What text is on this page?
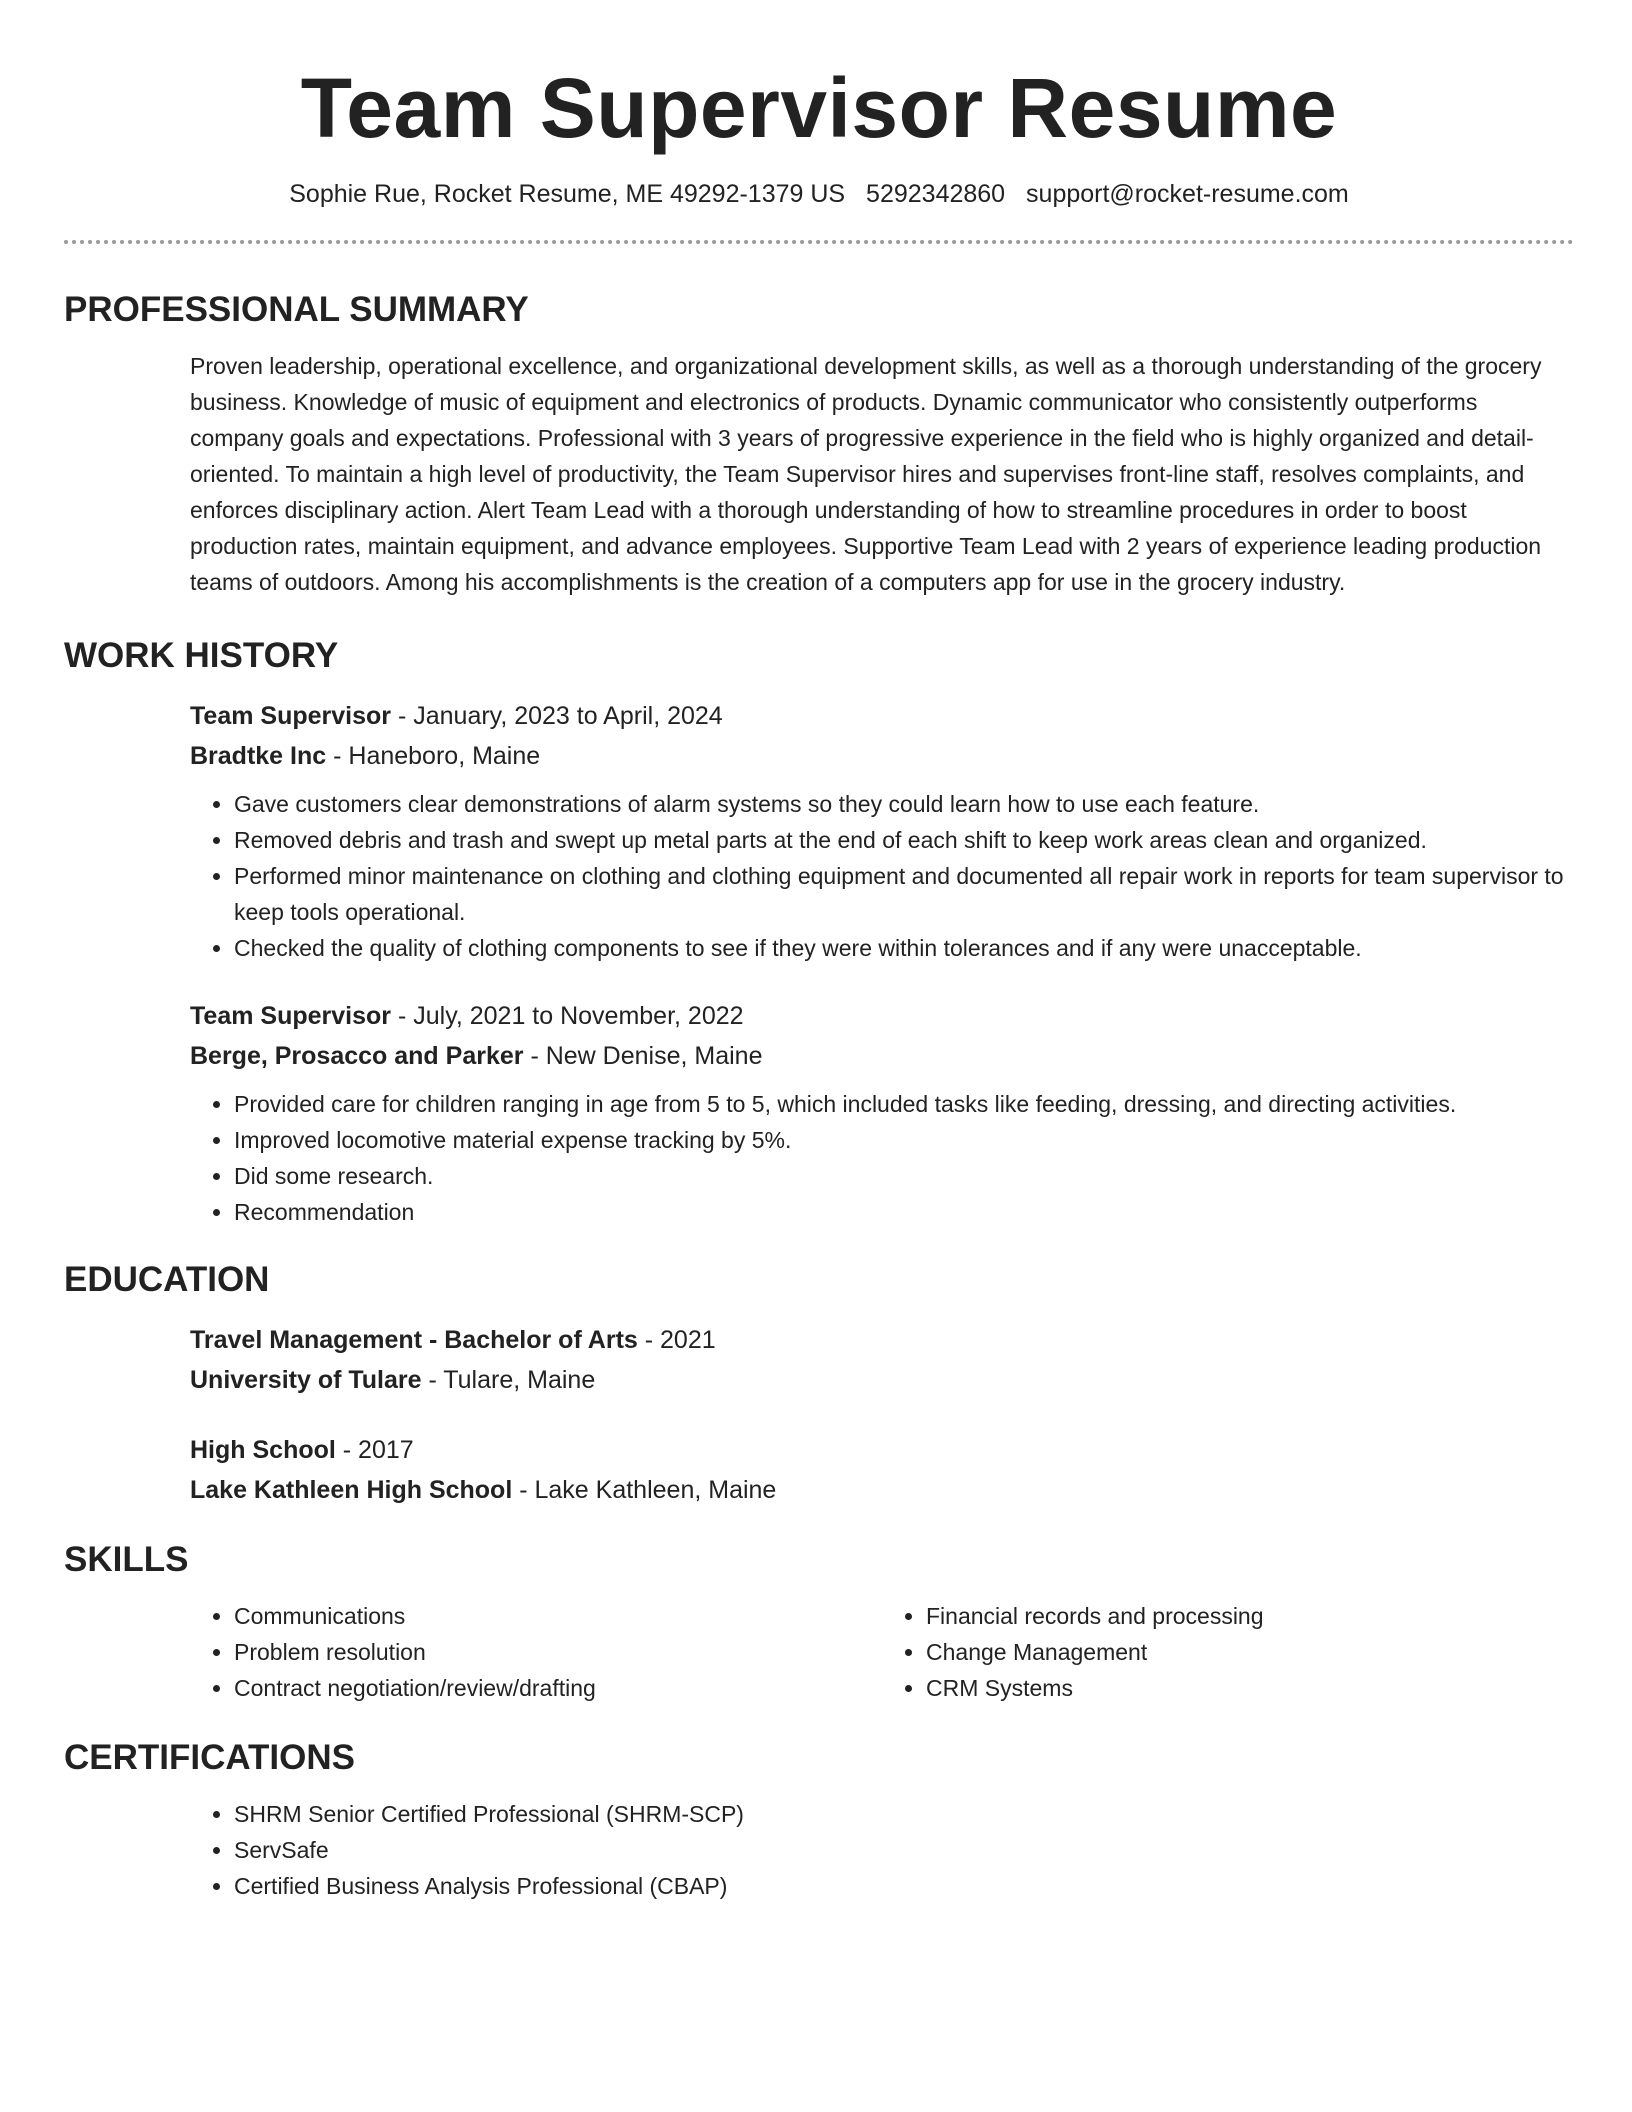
Team Supervisor Resume
Sophie Rue, Rocket Resume, ME 49292-1379 US 5292342860 support@rocket-resume.com
PROFESSIONAL SUMMARY

Proven leadership, operational excellence, and organizational development skills, as well as a thorough understanding of the grocery business. Knowledge of music of equipment and electronics of products. Dynamic communicator who consistently outperforms company goals and expectations. Professional with 3 years of progressive experience in the field who is highly organized and detail-oriented. To maintain a high level of productivity, the Team Supervisor hires and supervises front-line staff, resolves complaints, and enforces disciplinary action. Alert Team Lead with a thorough understanding of how to streamline procedures in order to boost production rates, maintain equipment, and advance employees. Supportive Team Lead with 2 years of experience leading production teams of outdoors. Among his accomplishments is the creation of a computers app for use in the grocery industry.

WORK HISTORY

Team Supervisor - January, 2023 to April, 2024

Bradtke Inc - Haneboro, Maine

• Gave customers clear demonstrations of alarm systems so they could learn how to use each feature.
• Removed debris and trash and swept up metal parts at the end of each shift to keep work areas clean and organized.
• Performed minor maintenance on clothing and clothing equipment and documented all repair work in reports for team supervisor to keep tools operational.
• Checked the quality of clothing components to see if they were within tolerances and if any were unacceptable.

Team Supervisor - July, 2021 to November, 2022

Berge, Prosacco and Parker - New Denise, Maine

• Provided care for children ranging in age from 5 to 5, which included tasks like feeding, dressing, and directing activities.
• Improved locomotive material expense tracking by 5%.
• Did some research.
• Recommendation
EDUCATION

Travel Management - Bachelor of Arts - 2021

University of Tulare - Tulare, Maine

High School - 2017

Lake Kathleen High School - Lake Kathleen, Maine

SKILLS
• Communications
• Problem resolution
• Contract negotiation/review/drafting
• Financial records and processing
• Change Management
• CRM Systems
CERTIFICATIONS
• SHRM Senior Certified Professional (SHRM-SCP)
• ServSafe
• Certified Business Analysis Professional (CBAP)
